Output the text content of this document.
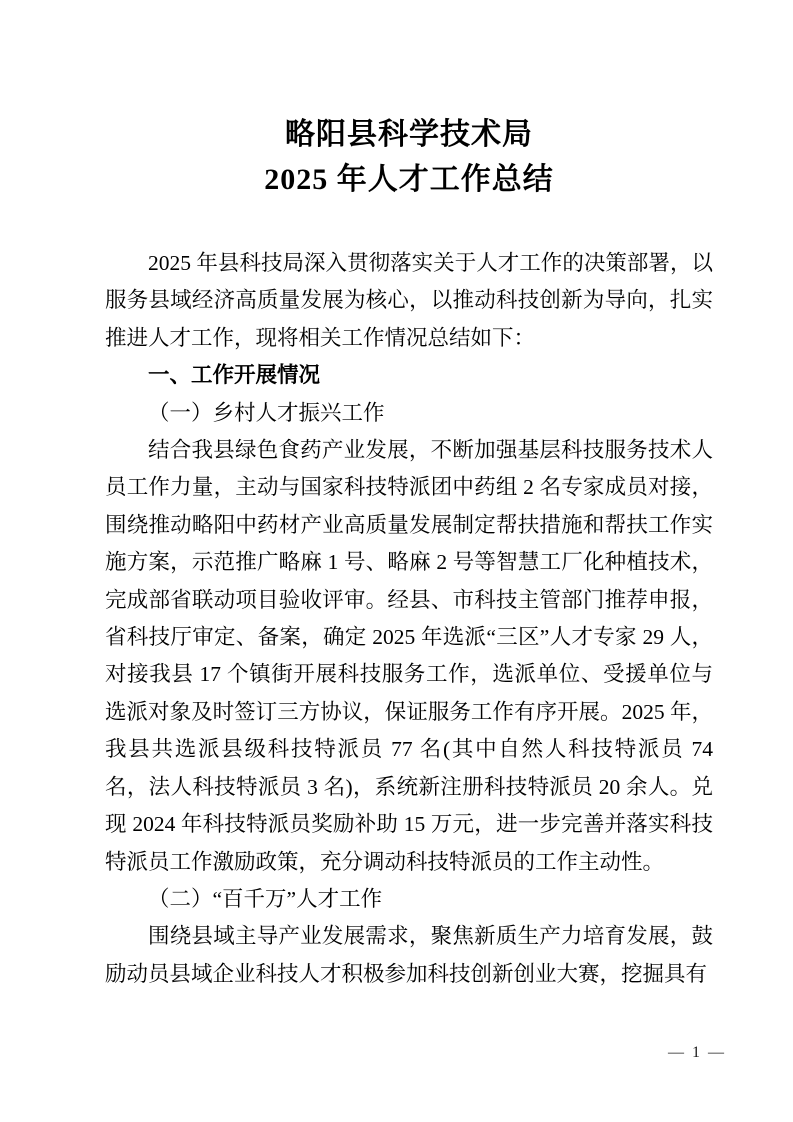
略阳县科学技术局
2025 年人才工作总结

2025 年县科技局深入贯彻落实关于人才工作的决策部署，以服务县域经济高质量发展为核心，以推动科技创新为导向，扎实推进人才工作，现将相关工作情况总结如下：

一、工作开展情况

（一）乡村人才振兴工作

结合我县绿色食药产业发展，不断加强基层科技服务技术人员工作力量，主动与国家科技特派团中药组 2 名专家成员对接，围绕推动略阳中药材产业高质量发展制定帮扶措施和帮扶工作实施方案，示范推广略麻 1 号、略麻 2 号等智慧工厂化种植技术，完成部省联动项目验收评审。经县、市科技主管部门推荐申报，省科技厅审定、备案，确定 2025 年选派“三区”人才专家 29 人，对接我县 17 个镇街开展科技服务工作，选派单位、受援单位与选派对象及时签订三方协议，保证服务工作有序开展。2025 年，我县共选派县级科技特派员 77 名(其中自然人科技特派员 74 名，法人科技特派员 3 名)，系统新注册科技特派员 20 余人。兑现 2024 年科技特派员奖励补助 15 万元，进一步完善并落实科技特派员工作激励政策，充分调动科技特派员的工作主动性。

（二）“百千万”人才工作

围绕县域主导产业发展需求，聚焦新质生产力培育发展，鼓励动员县域企业科技人才积极参加科技创新创业大赛，挖掘具有

— 1 —
